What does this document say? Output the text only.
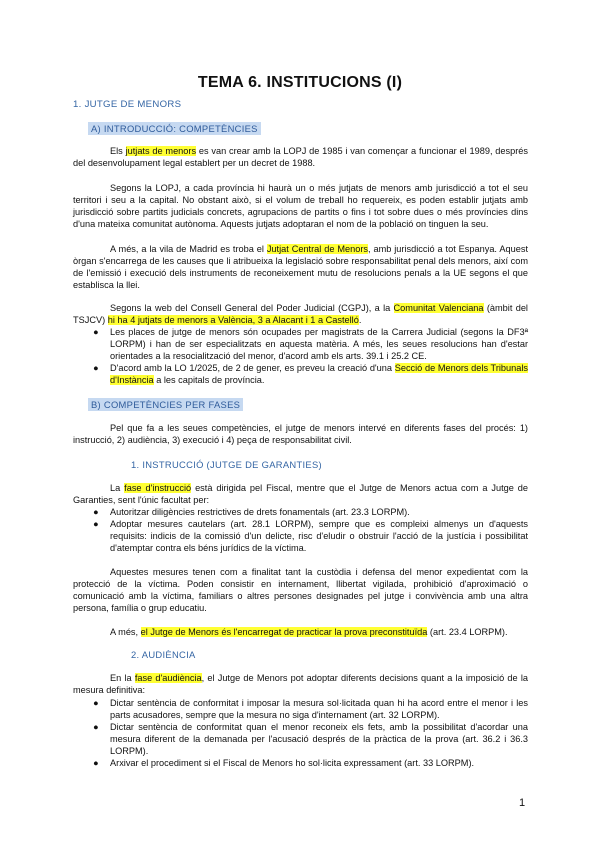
TEMA 6. INSTITUCIONS (I)
1. JUTGE DE MENORS
A) INTRODUCCIÓ: COMPETÈNCIES
Els jutjats de menors es van crear amb la LOPJ de 1985 i van començar a funcionar el 1989, després del desenvolupament legal establert per un decret de 1988.
Segons la LOPJ, a cada província hi haurà un o més jutjats de menors amb jurisdicció a tot el seu territori i seu a la capital. No obstant això, si el volum de treball ho requereix, es poden establir jutjats amb jurisdicció sobre partits judicials concrets, agrupacions de partits o fins i tot sobre dues o més províncies dins d'una mateixa comunitat autònoma. Aquests jutjats adoptaran el nom de la població on tinguen la seu.
A més, a la vila de Madrid es troba el Jutjat Central de Menors, amb jurisdicció a tot Espanya. Aquest òrgan s'encarrega de les causes que li atribueixa la legislació sobre responsabilitat penal dels menors, així com de l'emissió i execució dels instruments de reconeixement mutu de resolucions penals a la UE segons el que establisca la llei.
Segons la web del Consell General del Poder Judicial (CGPJ), a la Comunitat Valenciana (àmbit del TSJCV) hi ha 4 jutjats de menors a València, 3 a Alacant i 1 a Castelló.
● Les places de jutge de menors són ocupades per magistrats de la Carrera Judicial (segons la DF3ª LORPM) i han de ser especialitzats en aquesta matèria. A més, les seues resolucions han d'estar orientades a la resocialització del menor, d'acord amb els arts. 39.1 i 25.2 CE.
● D'acord amb la LO 1/2025, de 2 de gener, es preveu la creació d'una Secció de Menors dels Tribunals d'Instància a les capitals de província.
B) COMPETÈNCIES PER FASES
Pel que fa a les seues competències, el jutge de menors intervé en diferents fases del procés: 1) instrucció, 2) audiència, 3) execució i 4) peça de responsabilitat civil.
1. INSTRUCCIÓ (JUTGE DE GARANTIES)
La fase d'instrucció està dirigida pel Fiscal, mentre que el Jutge de Menors actua com a Jutge de Garanties, sent l'únic facultat per:
● Autoritzar diligències restrictives de drets fonamentals (art. 23.3 LORPM).
● Adoptar mesures cautelars (art. 28.1 LORPM), sempre que es compleixi almenys un d'aquests requisits: indicis de la comissió d'un delicte, risc d'eludir o obstruir l'acció de la justícia i possibilitat d'atemptar contra els béns jurídics de la víctima.
Aquestes mesures tenen com a finalitat tant la custòdia i defensa del menor expedientat com la protecció de la víctima. Poden consistir en internament, llibertat vigilada, prohibició d'aproximació o comunicació amb la víctima, familiars o altres persones designades pel jutge i convivència amb una altra persona, família o grup educatiu.
A més, el Jutge de Menors és l'encarregat de practicar la prova preconstituïda (art. 23.4 LORPM).
2. AUDIÈNCIA
En la fase d'audiència, el Jutge de Menors pot adoptar diferents decisions quant a la imposició de la mesura definitiva:
● Dictar sentència de conformitat i imposar la mesura sol·licitada quan hi ha acord entre el menor i les parts acusadores, sempre que la mesura no siga d'internament (art. 32 LORPM).
● Dictar sentència de conformitat quan el menor reconeix els fets, amb la possibilitat d'acordar una mesura diferent de la demanada per l'acusació després de la pràctica de la prova (art. 36.2 i 36.3 LORPM).
● Arxivar el procediment si el Fiscal de Menors ho sol·licita expressament (art. 33 LORPM).
1
